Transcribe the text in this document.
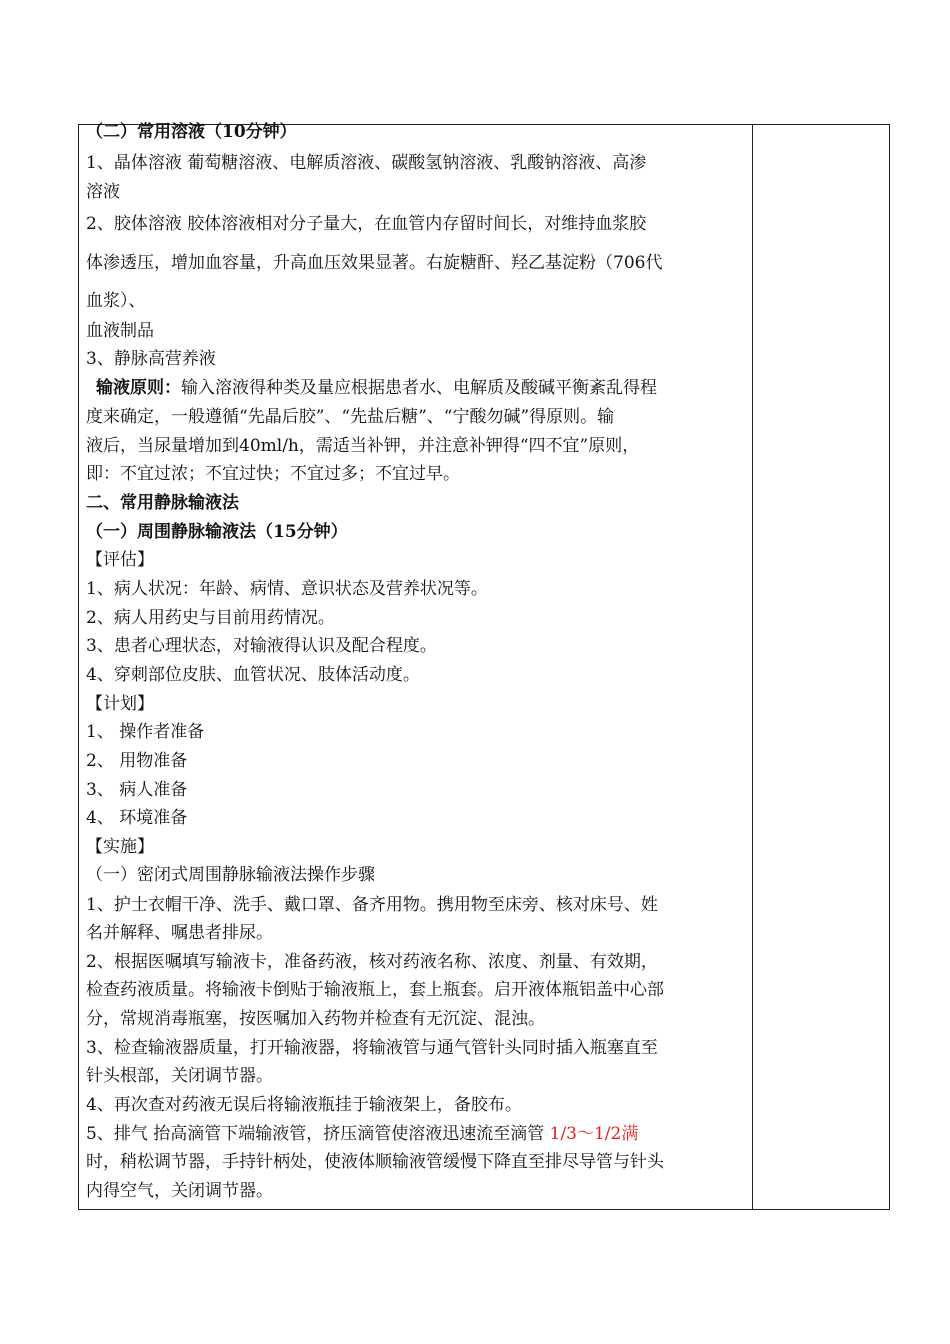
（二）常用溶液（10分钟）
1、晶体溶液 葡萄糖溶液、电解质溶液、碳酸氢钠溶液、乳酸钠溶液、高渗
溶液
2、胶体溶液 胶体溶液相对分子量大，在血管内存留时间长，对维持血浆胶
体渗透压，增加血容量，升高血压效果显著。右旋糖酐、羟乙基淀粉（706代
血浆）、
血液制品
3、静脉高营养液
输液原则：输入溶液得种类及量应根据患者水、电解质及酸碱平衡紊乱得程
度来确定，一般遵循“先晶后胶”、“先盐后糖”、“宁酸勿碱”得原则。输
液后，当尿量增加到40ml/h，需适当补钾，并注意补钾得“四不宜”原则，
即：不宜过浓；不宜过快；不宜过多；不宜过早。
二、常用静脉输液法
（一）周围静脉输液法（15分钟）
【评估】
1、病人状况：年龄、病情、意识状态及营养状况等。
2、病人用药史与目前用药情况。
3、患者心理状态，对输液得认识及配合程度。
4、穿刺部位皮肤、血管状况、肢体活动度。
【计划】
1、 操作者准备
2、 用物准备
3、 病人准备
4、 环境准备
【实施】
（一）密闭式周围静脉输液法操作步骤
1、护士衣帽干净、洗手、戴口罩、备齐用物。携用物至床旁、核对床号、姓
名并解释、嘱患者排尿。
2、根据医嘱填写输液卡，准备药液，核对药液名称、浓度、剂量、有效期，
检查药液质量。将输液卡倒贴于输液瓶上，套上瓶套。启开液体瓶铝盖中心部
分，常规消毒瓶塞，按医嘱加入药物并检查有无沉淀、混浊。
3、检查输液器质量，打开输液器，将输液管与通气管针头同时插入瓶塞直至
针头根部，关闭调节器。
4、再次查对药液无误后将输液瓶挂于输液架上，备胶布。
5、排气 抬高滴管下端输液管，挤压滴管使溶液迅速流至滴管 1/3～1/2满
时，稍松调节器，手持针柄处，使液体顺输液管缓慢下降直至排尽导管与针头
内得空气，关闭调节器。
